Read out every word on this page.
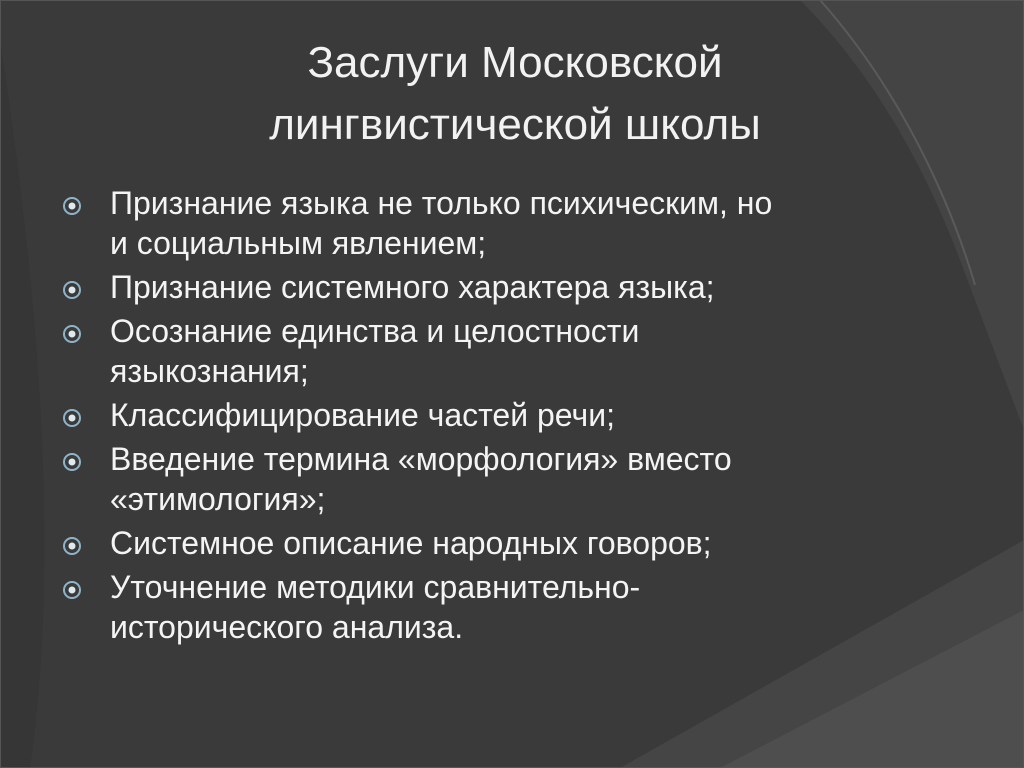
Заслуги Московской
лингвистической школы
Признание языка не только психическим, но
и социальным явлением;
Признание системного характера языка;
Осознание единства и целостности
языкознания;
Классифицирование частей речи;
Введение термина «морфология» вместо
«этимология»;
Системное описание народных говоров;
Уточнение методики сравнительно-
исторического анализа.
